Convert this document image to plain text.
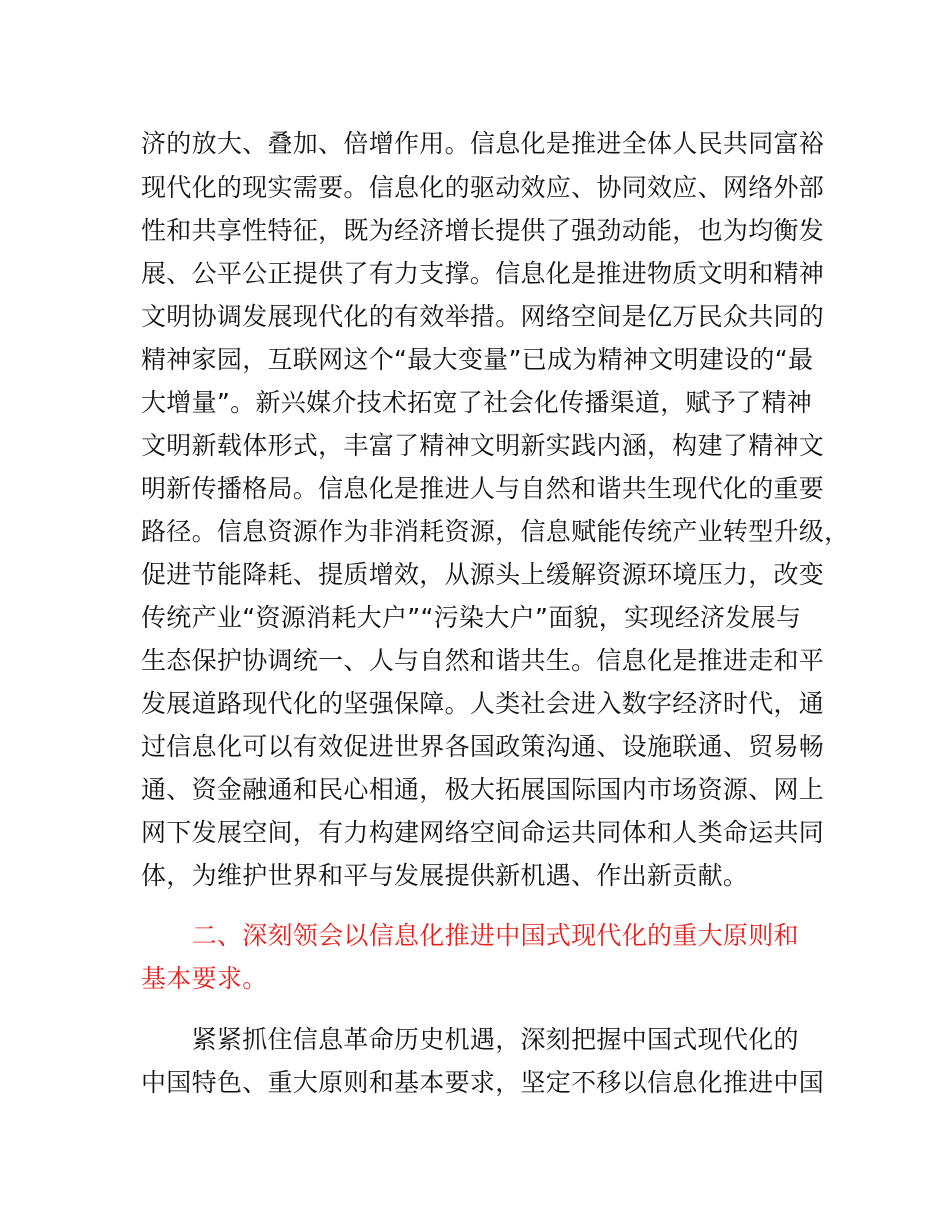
济的放大、叠加、倍增作用。信息化是推进全体人民共同富裕
现代化的现实需要。信息化的驱动效应、协同效应、网络外部
性和共享性特征，既为经济增长提供了强劲动能，也为均衡发
展、公平公正提供了有力支撑。信息化是推进物质文明和精神
文明协调发展现代化的有效举措。网络空间是亿万民众共同的
精神家园，互联网这个“最大变量”已成为精神文明建设的“最
大增量”。新兴媒介技术拓宽了社会化传播渠道，赋予了精神
文明新载体形式，丰富了精神文明新实践内涵，构建了精神文
明新传播格局。信息化是推进人与自然和谐共生现代化的重要
路径。信息资源作为非消耗资源，信息赋能传统产业转型升级，
促进节能降耗、提质增效，从源头上缓解资源环境压力，改变
传统产业“资源消耗大户”“污染大户”面貌，实现经济发展与
生态保护协调统一、人与自然和谐共生。信息化是推进走和平
发展道路现代化的坚强保障。人类社会进入数字经济时代，通
过信息化可以有效促进世界各国政策沟通、设施联通、贸易畅
通、资金融通和民心相通，极大拓展国际国内市场资源、网上
网下发展空间，有力构建网络空间命运共同体和人类命运共同
体，为维护世界和平与发展提供新机遇、作出新贡献。
　　二、深刻领会以信息化推进中国式现代化的重大原则和
基本要求。
　　紧紧抓住信息革命历史机遇，深刻把握中国式现代化的
中国特色、重大原则和基本要求，坚定不移以信息化推进中国
